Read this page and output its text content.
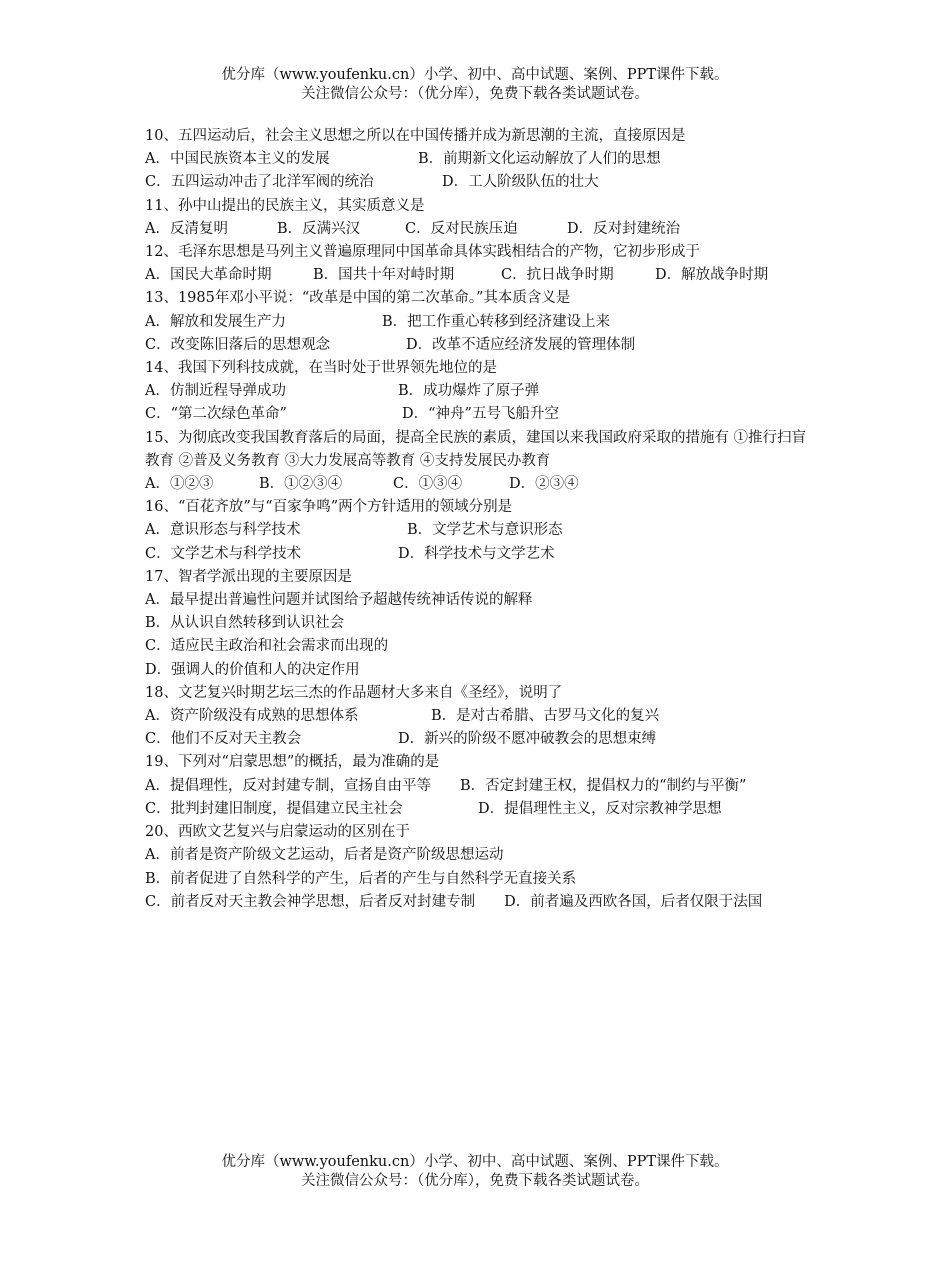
优分库（www.youfenku.cn）小学、初中、高中试题、案例、PPT课件下载。
关注微信公众号：（优分库），免费下载各类试题试卷。
10、五四运动后，社会主义思想之所以在中国传播并成为新思潮的主流，直接原因是
A．中国民族资本主义的发展	B．前期新文化运动解放了人们的思想
C．五四运动冲击了北洋军阀的统治	D．工人阶级队伍的壮大
11、孙中山提出的民族主义，其实质意义是
A．反清复明	B．反满兴汉	C．反对民族压迫	D．反对封建统治
12、毛泽东思想是马列主义普遍原理同中国革命具体实践相结合的产物，它初步形成于
A．国民大革命时期	B．国共十年对峙时期	C．抗日战争时期	D．解放战争时期
13、1985年邓小平说：“改革是中国的第二次革命。”其本质含义是
A．解放和发展生产力	B．把工作重心转移到经济建设上来
C．改变陈旧落后的思想观念	D．改革不适应经济发展的管理体制
14、我国下列科技成就，在当时处于世界领先地位的是
A．仿制近程导弹成功	B．成功爆炸了原子弹
C．“第二次绿色革命”	D．“神舟”五号飞船升空
15、为彻底改变我国教育落后的局面，提高全民族的素质，建国以来我国政府采取的措施有 ①推行扫盲教育 ②普及义务教育 ③大力发展高等教育 ④支持发展民办教育
A．①②③	B．①②③④	C．①③④	D．②③④
16、“百花齐放”与“百家争鸣”两个方针适用的领域分别是
A．意识形态与科学技术	B．文学艺术与意识形态
C．文学艺术与科学技术	D．科学技术与文学艺术
17、智者学派出现的主要原因是
A．最早提出普遍性问题并试图给予超越传统神话传说的解释
B．从认识自然转移到认识社会
C．适应民主政治和社会需求而出现的
D．强调人的价值和人的决定作用
18、文艺复兴时期艺坛三杰的作品题材大多来自《圣经》，说明了
A．资产阶级没有成熟的思想体系	B．是对古希腊、古罗马文化的复兴
C．他们不反对天主教会	D．新兴的阶级不愿冲破教会的思想束缚
19、下列对“启蒙思想”的概括，最为准确的是
A．提倡理性，反对封建专制，宣扬自由平等　　B．否定封建王权，提倡权力的“制约与平衡”
C．批判封建旧制度，提倡建立民主社会	D．提倡理性主义，反对宗教神学思想
20、西欧文艺复兴与启蒙运动的区别在于
A．前者是资产阶级文艺运动，后者是资产阶级思想运动
B．前者促进了自然科学的产生，后者的产生与自然科学无直接关系
C．前者反对天主教会神学思想，后者反对封建专制　　D．前者遍及西欧各国，后者仅限于法国
优分库（www.youfenku.cn）小学、初中、高中试题、案例、PPT课件下载。
关注微信公众号：（优分库），免费下载各类试题试卷。
